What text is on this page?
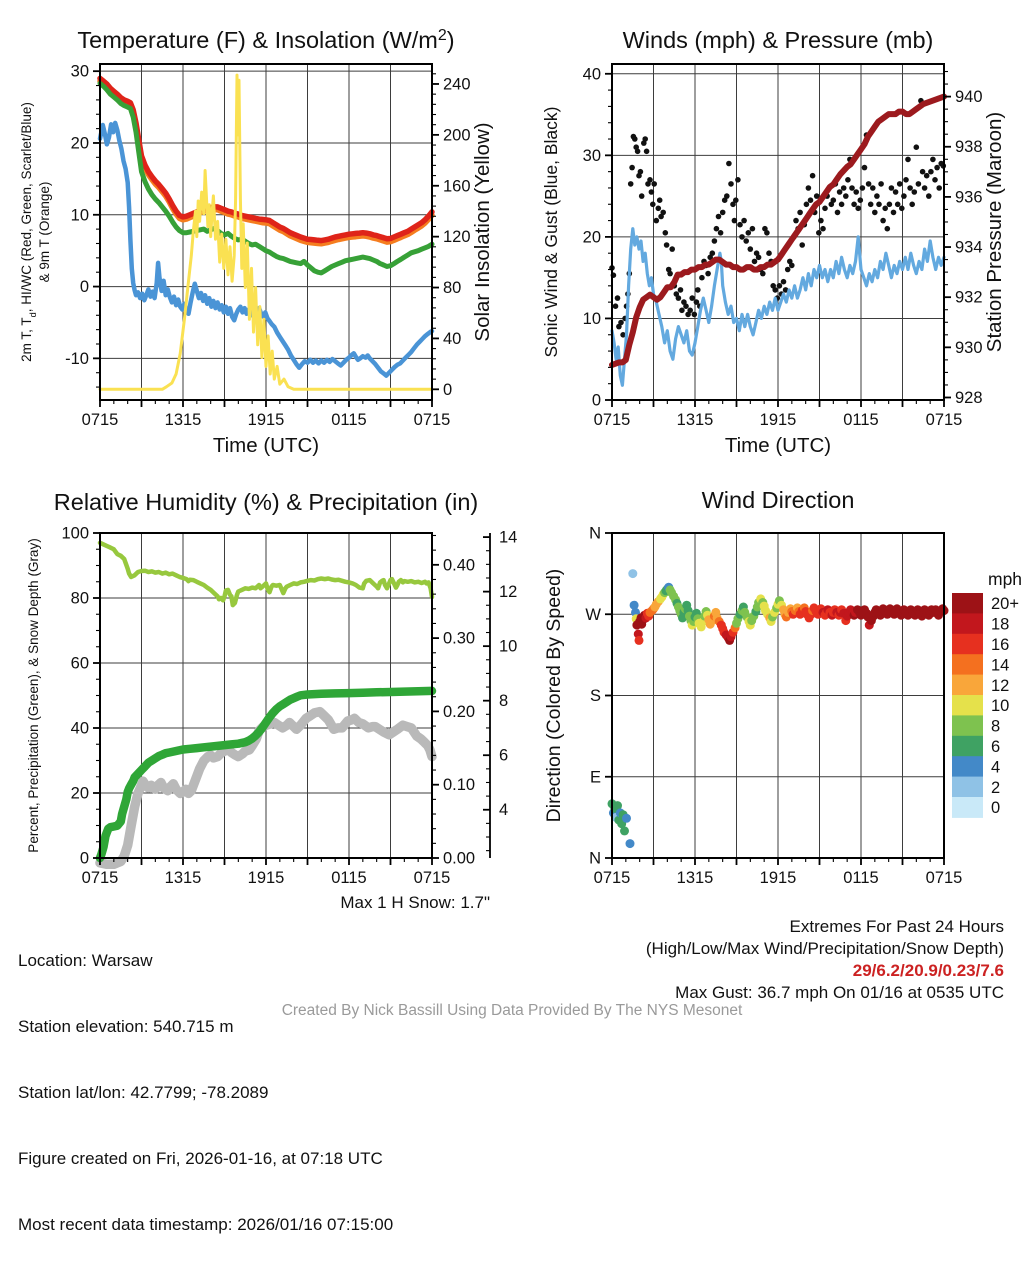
0715	1315	1915	0115	0715
Time (UTC)
30
20
10
0
-10
2m T, $T_d$, HI/WC (Red, Green, Scarlet/Blue) & 9m T (Orange)
240
200
160
120
80
40
0
Solar Insolation (Yellow)
Temperature (F) & Insolation $(W/m^2)$
0715	1315	1915	0115	0715
Time (UTC)
40
30
20
10
0
Sonic Wind & Gust (Blue, Black)
940
938
936
934
932
930
928
Station Pressure (Maroon)
Winds (mph) & Pressure (mb)
0715	1315	1915	0115	0715
100
80
60
40
20
0
Percent, Precipitation (Green), & Snow Depth (Gray)	0.40
0.30
0.20
0.10
0.00
14
12
10
8
6
4
Relative Humidity (%) & Precipitation (in)
0715	1315	1915	0115	0715
N
W
S
E
N
Direction (Colored By Speed)
Wind Direction
mph
20+
18
16
14
12
10
8
6
4
2
0

Location: Warsaw

Station elevation: 540.715 m

Station lat/lon: 42.7799; -78.2089

Figure created on Fri, 2026-01-16, at 07:18 UTC

Most recent data timestamp: 2026/01/16 07:15:00

Max 1 H Snow: 1.7"
Extremes For Past 24 Hours
(High/Low/Max Wind/Precipitation/Snow Depth)
29/6.2/20.9/0.23/7.6
Max Gust: 36.7 mph On 01/16 at 0535 UTC
Created By Nick Bassill Using Data Provided By The NYS Mesonet
